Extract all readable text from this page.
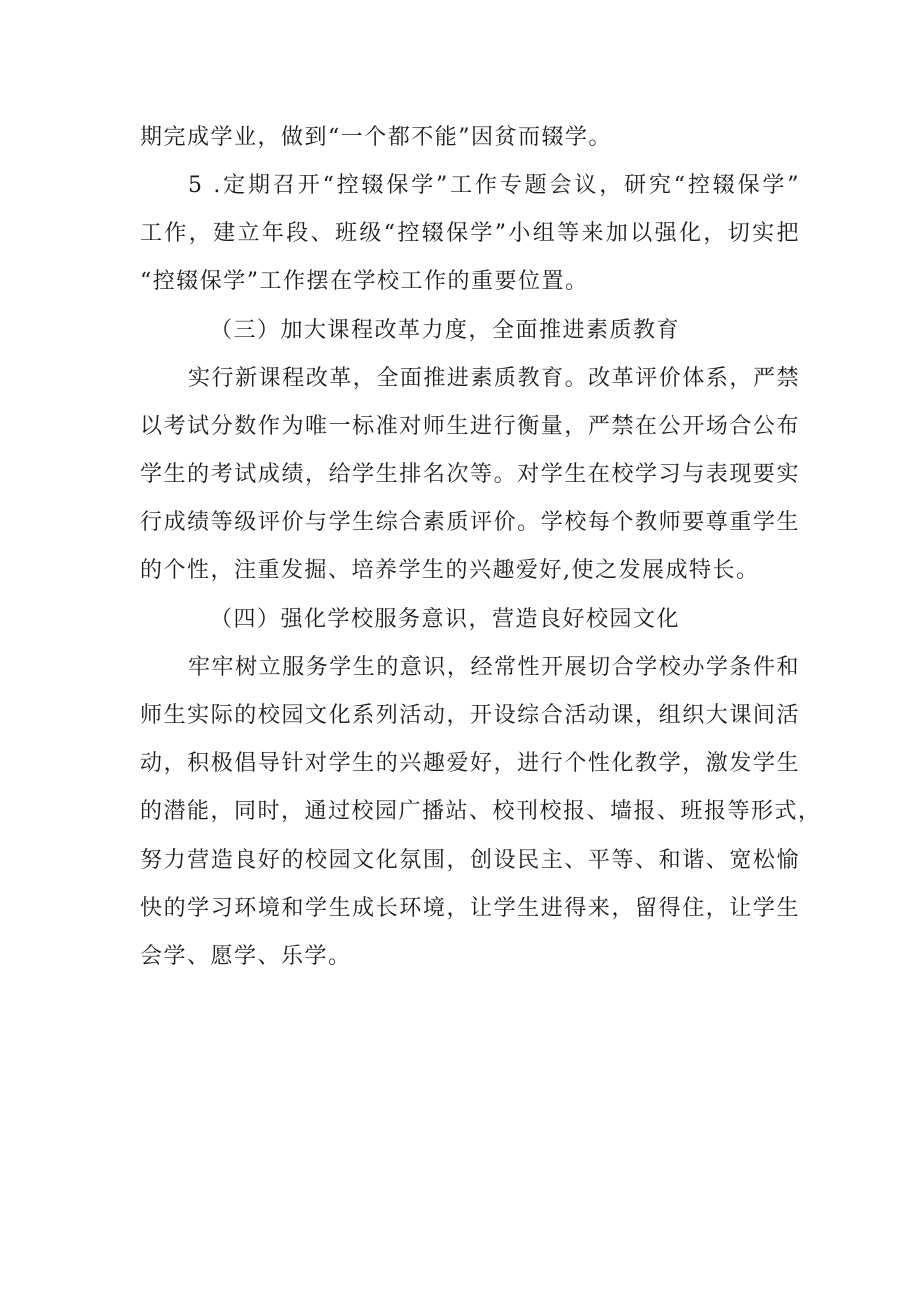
期完成学业，做到“一个都不能”因贫而辍学。
5 .定期召开“控辍保学”工作专题会议，研究“控辍保学”
工作，建立年段、班级“控辍保学”小组等来加以强化，切实把
“控辍保学”工作摆在学校工作的重要位置。
（三）加大课程改革力度，全面推进素质教育
实行新课程改革，全面推进素质教育。改革评价体系，严禁
以考试分数作为唯一标准对师生进行衡量，严禁在公开场合公布
学生的考试成绩，给学生排名次等。对学生在校学习与表现要实
行成绩等级评价与学生综合素质评价。学校每个教师要尊重学生
的个性，注重发掘、培养学生的兴趣爱好,使之发展成特长。
（四）强化学校服务意识，营造良好校园文化
牢牢树立服务学生的意识，经常性开展切合学校办学条件和
师生实际的校园文化系列活动，开设综合活动课，组织大课间活
动，积极倡导针对学生的兴趣爱好，进行个性化教学，激发学生
的潜能，同时，通过校园广播站、校刊校报、墙报、班报等形式，
努力营造良好的校园文化氛围，创设民主、平等、和谐、宽松愉
快的学习环境和学生成长环境，让学生进得来，留得住，让学生
会学、愿学、乐学。
